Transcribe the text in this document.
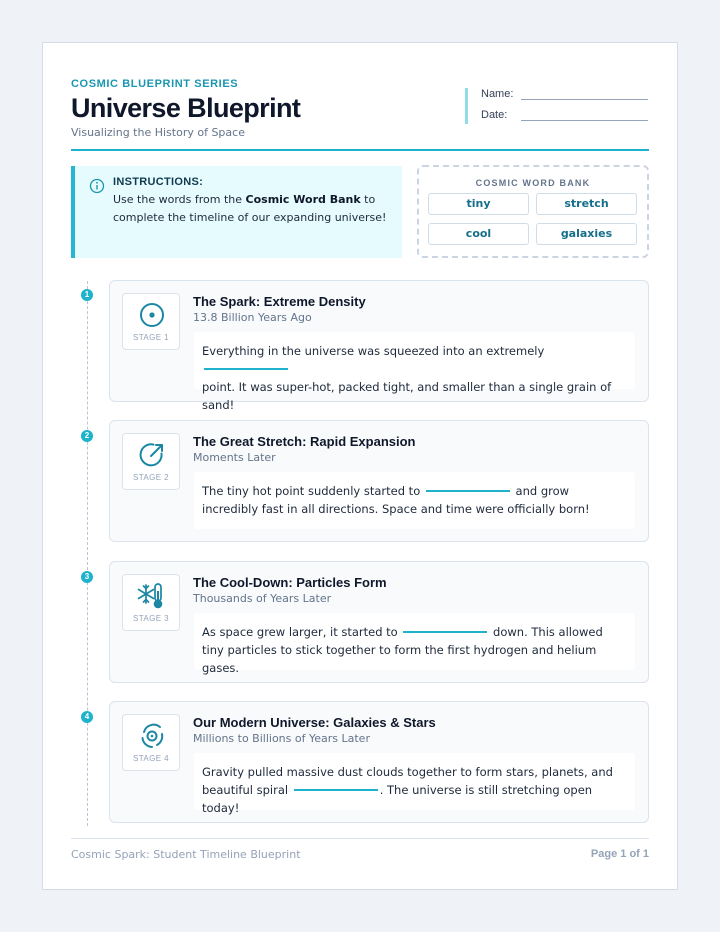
COSMIC BLUEPRINT SERIES
Universe Blueprint
Visualizing the History of Space
Name:
Date:
INSTRUCTIONS:
Use the words from the Cosmic Word Bank to complete the timeline of our expanding universe!
COSMIC WORD BANK
tiny	stretch
cool	galaxies
1
STAGE 1
The Spark: Extreme Density
13.8 Billion Years Ago
Everything in the universe was squeezed into an extremely
point. It was super-hot, packed tight, and smaller than a single grain of sand!
2
STAGE 2
The Great Stretch: Rapid Expansion
Moments Later
The tiny hot point suddenly started to	and grow incredibly fast in all directions. Space and time were officially born!
3
STAGE 3
The Cool-Down: Particles Form
Thousands of Years Later
As space grew larger, it started to	down. This allowed tiny particles to stick together to form the first hydrogen and helium gases.
4
STAGE 4
Our Modern Universe: Galaxies & Stars
Millions to Billions of Years Later
Gravity pulled massive dust clouds together to form stars, planets, and beautiful spiral	. The universe is still stretching open today!
Cosmic Spark: Student Timeline Blueprint	Page 1 of 1
